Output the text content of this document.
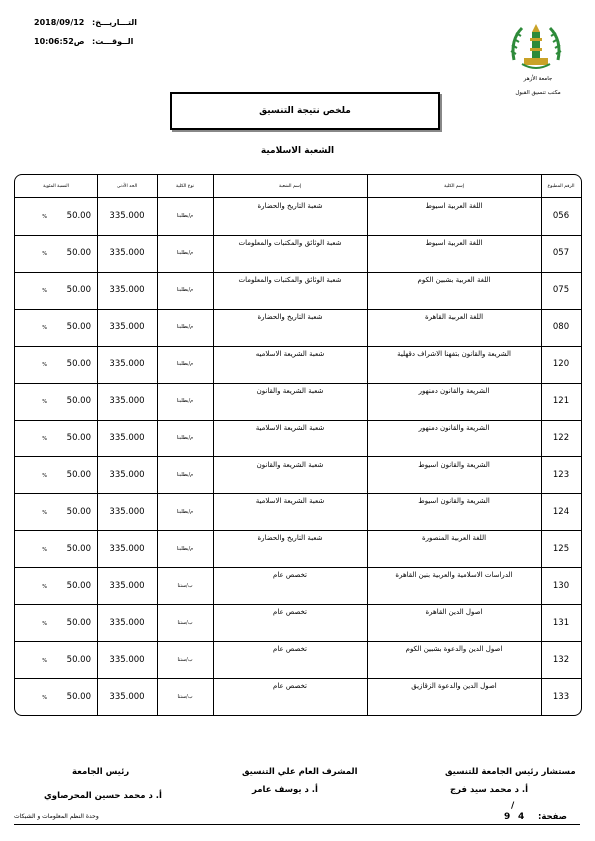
2018/09/12 التـــاريـــخ:
ص10:06:52 الــوقـــت:
جامعة الأزهر
مكتب تنسيق القبول
ملخص نتيجة التنسيق
الشعبة الاسلامية
الرقم المطبوع
إسم الكلية
إسم الشعبة
نوع الكلية
الحد الأدنى
النسبة المئوية
056
اللغة العربية اسيوط
شعبة التاريخ والحضارة
م/بطلبنا
335.000
50.00
%
057
اللغة العربية اسيوط
شعبة الوثائق والمكتبات والمعلومات
م/بطلبنا
335.000
50.00
%
075
اللغة العربية بشبين الكوم
شعبة الوثائق والمكتبات والمعلومات
م/بطلبنا
335.000
50.00
%
080
اللغة العربية القاهرة
شعبة التاريخ والحضارة
م/بطلبنا
335.000
50.00
%
120
الشريعة والقانون بتفهنا الاشراف دقهلية
شعبة الشريعة الاسلاميه
م/بطلبنا
335.000
50.00
%
121
الشريعة والقانون دمنهور
شعبة الشريعة والقانون
م/بطلبنا
335.000
50.00
%
122
الشريعة والقانون دمنهور
شعبة الشريعة الاسلامية
م/بطلبنا
335.000
50.00
%
123
الشريعة والقانون اسيوط
شعبة الشريعة والقانون
م/بطلبنا
335.000
50.00
%
124
الشريعة والقانون اسيوط
شعبة الشريعة الاسلامية
م/بطلبنا
335.000
50.00
%
125
اللغة العربية المنصورة
شعبة التاريخ والحضارة
م/بطلبنا
335.000
50.00
%
130
الدراسات الاسلامية والعربية بنين القاهرة
تخصص عام
ب/ستنا
335.000
50.00
%
131
اصول الدين القاهرة
تخصص عام
ب/ستنا
335.000
50.00
%
132
اصول الدين والدعوة بشبين الكوم
تخصص عام
ب/ستنا
335.000
50.00
%
133
اصول الدين والدعوة الزقازيق
تخصص عام
ب/ستنا
335.000
50.00
%
مستشار رئيس الجامعة للتنسيق
أ. د محمد سيد فرج
المشرف العام علي التنسيق
أ. د يوسف عامر
رئيس الجامعة
أ. د محمد حسين المحرصاوي
/
9 4 صفحة:
وحدة النظم المعلومات و الشبكات
